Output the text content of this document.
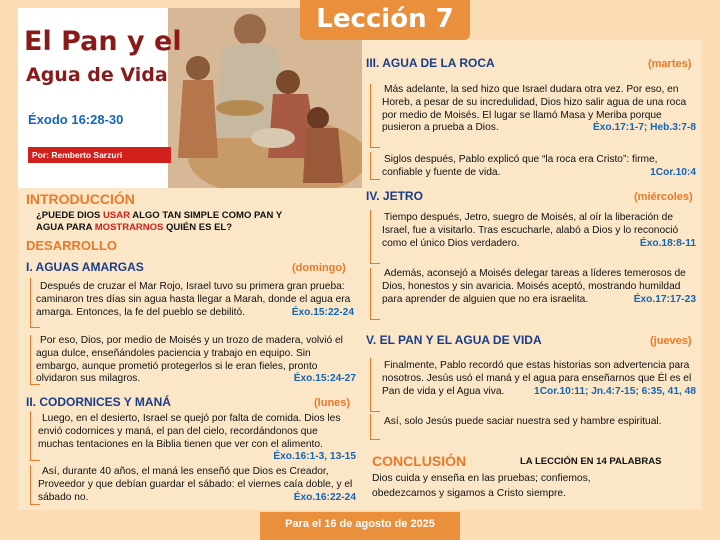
Lección 7
El Pan y el
Agua de Vida
Éxodo 16:28-30
Por: Remberto Sarzuri
INTRODUCCIÓN
¿PUEDE DIOS USAR ALGO TAN SIMPLE COMO PAN Y
AGUA PARA MOSTRARNOS QUIÉN ES EL?
DESARROLLO
I. AGUAS AMARGAS	(domingo)
Después de cruzar el Mar Rojo, Israel tuvo su primera gran prueba: caminaron tres días sin agua hasta llegar a Marah, donde el agua era amarga. Entonces, la fe del pueblo se debilitó.	Éxo.15:22-24
Por eso, Dios, por medio de Moisés y un trozo de madera, volvió el agua dulce, enseñándoles paciencia y trabajo en equipo. Sin embargo, aunque prometió protegerlos si le eran fieles, pronto olvidaron sus milagros.	Éxo.15:24-27
II. CODORNICES Y MANÁ	(lunes)
Luego, en el desierto, Israel se quejó por falta de comida. Dios les envió codornices y maná, el pan del cielo, recordándonos que muchas tentaciones en la Biblia tienen que ver con el alimento.
Éxo.16:1-3, 13-15
Así, durante 40 años, el maná les enseñó que Dios es Creador, Proveedor y que debían guardar el sábado: el viernes caía doble, y el sábado no.	Éxo.16:22-24
III. AGUA DE LA ROCA	(martes)
Más adelante, la sed hizo que Israel dudara otra vez. Por eso, en Horeb, a pesar de su incredulidad, Dios hizo salir agua de una roca por medio de Moisés. El lugar se llamó Masa y Meriba porque pusieron a prueba a Dios.	Éxo.17:1-7; Heb.3:7-8
Siglos después, Pablo explicó que “la roca era Cristo”: firme, confiable y fuente de vida.	1Cor.10:4
IV. JETRO	(miércoles)
Tiempo después, Jetro, suegro de Moisés, al oír la liberación de Israel, fue a visitarlo. Tras escucharle, alabó a Dios y lo reconoció como el único Dios verdadero.	Éxo.18:8-11
Además, aconsejó a Moisés delegar tareas a líderes temerosos de Dios, honestos y sin avaricia. Moisés aceptó, mostrando humildad para aprender de alguien que no era israelita.	Éxo.17:17-23
V. EL PAN Y EL AGUA DE VIDA	(jueves)
Finalmente, Pablo recordó que estas historias son advertencia para nosotros. Jesús usó el maná y el agua para enseñarnos que Él es el Pan de vida y el Agua viva.	1Cor.10:11; Jn.4:7-15; 6:35, 41, 48
Así, solo Jesús puede saciar nuestra sed y hambre espiritual.
CONCLUSIÓN	LA LECCIÓN EN 14 PALABRAS
Dios cuida y enseña en las pruebas; confiemos,
obedezcamos y sigamos a Cristo siempre.
Para el 16 de agosto de 2025
